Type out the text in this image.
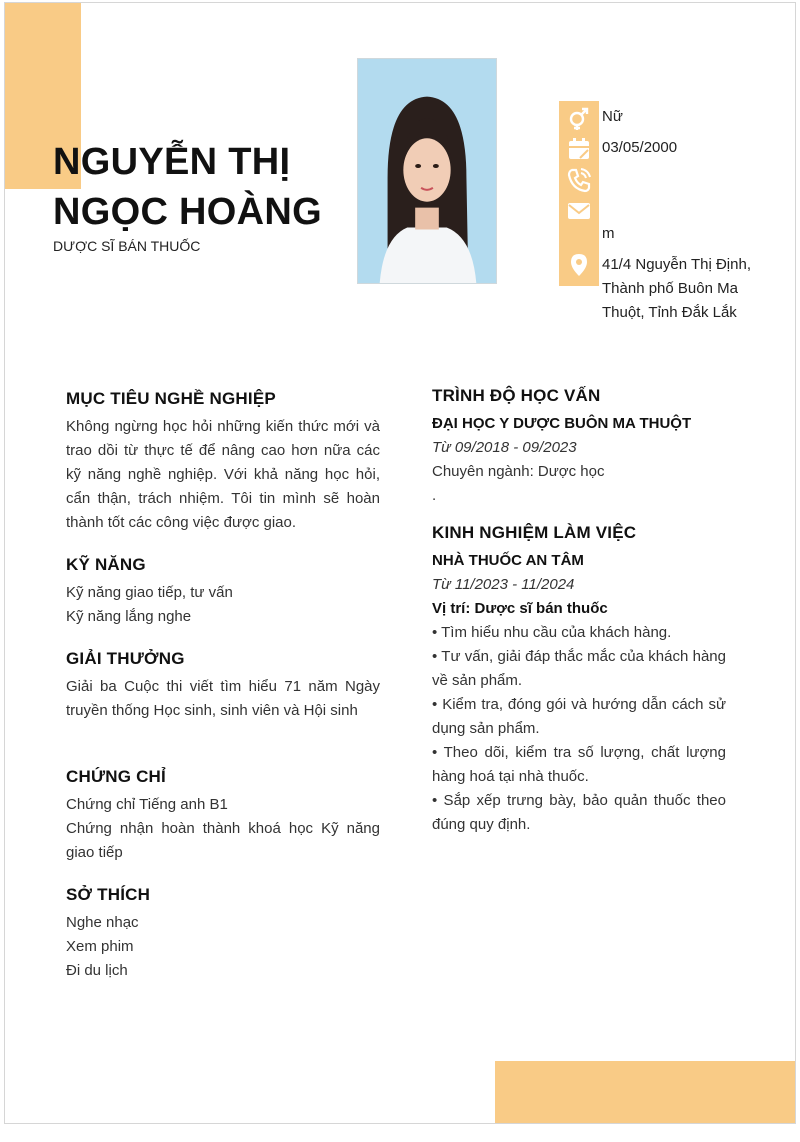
NGUYỄN THỊ
NGỌC HOÀNG
DƯỢC SĨ BÁN THUỐC
Nữ
03/05/2000
m
41/4 Nguyễn Thị Định,
Thành phố Buôn Ma
Thuột, Tỉnh Đắk Lắk
MỤC TIÊU NGHỀ NGHIỆP
Không ngừng học hỏi những kiến thức mới và trao dồi từ thực tế để nâng cao hơn nữa các kỹ năng nghề nghiệp. Với khả năng học hỏi, cẩn thận, trách nhiệm. Tôi tin mình sẽ hoàn thành tốt các công việc được giao.
KỸ NĂNG
Kỹ năng giao tiếp, tư vấn
Kỹ năng lắng nghe
GIẢI THƯỞNG
Giải ba Cuộc thi viết tìm hiểu 71 năm Ngày truyền thống Học sinh, sinh viên và Hội sinh
CHỨNG CHỈ
Chứng chỉ Tiếng anh B1
Chứng nhận hoàn thành khoá học Kỹ năng giao tiếp
SỞ THÍCH
Nghe nhạc
Xem phim
Đi du lịch
TRÌNH ĐỘ HỌC VẤN
ĐẠI HỌC Y DƯỢC BUÔN MA THUỘT
Từ 09/2018 - 09/2023
Chuyên ngành: Dược học
.
KINH NGHIỆM LÀM VIỆC
NHÀ THUỐC AN TÂM
Từ 11/2023 - 11/2024
Vị trí: Dược sĩ bán thuốc
• Tìm hiểu nhu cầu của khách hàng.
• Tư vấn, giải đáp thắc mắc của khách hàng về sản phẩm.
• Kiểm tra, đóng gói và hướng dẫn cách sử dụng sản phẩm.
• Theo dõi, kiểm tra số lượng, chất lượng hàng hoá tại nhà thuốc.
• Sắp xếp trưng bày, bảo quản thuốc theo đúng quy định.
